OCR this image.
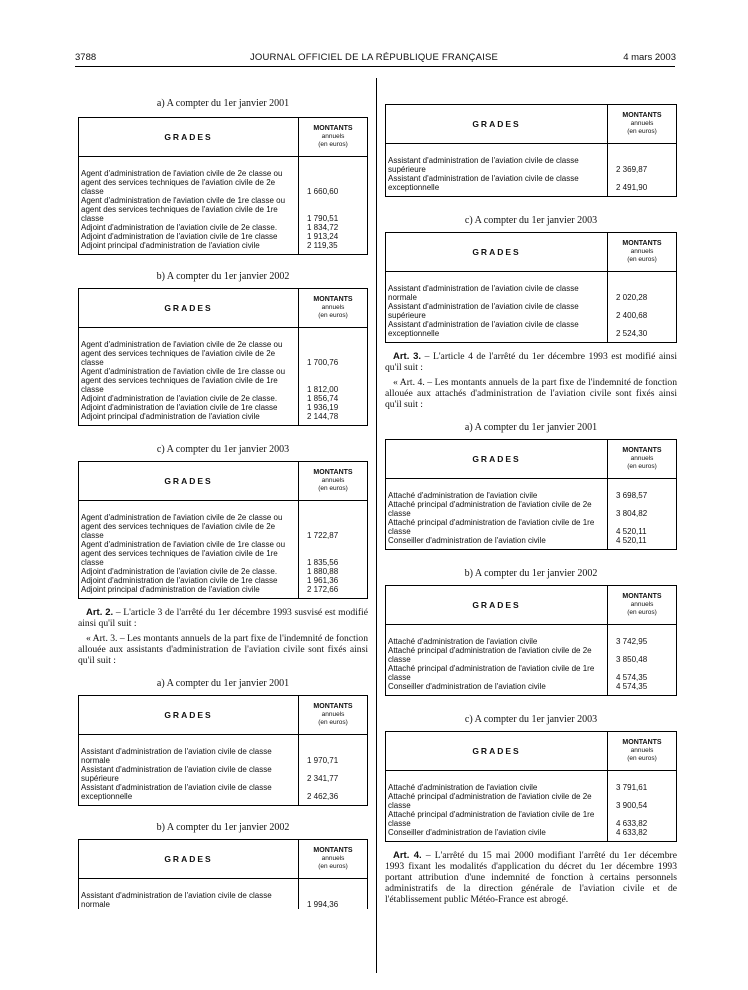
3788	JOURNAL OFFICIEL DE LA RÉPUBLIQUE FRANÇAISE	4 mars 2003
a) A compter du 1er janvier 2001
GRADES	MONTANTS
annuels
(en euros)

Agent d'administration de l'aviation civile de 2e classe ou agent des services techniques de l'aviation civile de 2e classe	1 660,60
Agent d'administration de l'aviation civile de 1re classe ou agent des services techniques de l'aviation civile de 1re classe	1 790,51
Adjoint d'administration de l'aviation civile de 2e classe.	1 834,72
Adjoint d'administration de l'aviation civile de 1re classe	1 913,24
Adjoint principal d'administration de l'aviation civile	2 119,35
b) A compter du 1er janvier 2002
GRADES	MONTANTS
annuels
(en euros)

Agent d'administration de l'aviation civile de 2e classe ou agent des services techniques de l'aviation civile de 2e classe	1 700,76
Agent d'administration de l'aviation civile de 1re classe ou agent des services techniques de l'aviation civile de 1re classe	1 812,00
Adjoint d'administration de l'aviation civile de 2e classe.	1 856,74
Adjoint d'administration de l'aviation civile de 1re classe	1 936,19
Adjoint principal d'administration de l'aviation civile	2 144,78
c) A compter du 1er janvier 2003
GRADES	MONTANTS
annuels
(en euros)

Agent d'administration de l'aviation civile de 2e classe ou agent des services techniques de l'aviation civile de 2e classe	1 722,87
Agent d'administration de l'aviation civile de 1re classe ou agent des services techniques de l'aviation civile de 1re classe	1 835,56
Adjoint d'administration de l'aviation civile de 2e classe.	1 880,88
Adjoint d'administration de l'aviation civile de 1re classe	1 961,36
Adjoint principal d'administration de l'aviation civile	2 172,66
Art. 2. – L'article 3 de l'arrêté du 1er décembre 1993 susvisé est modifié ainsi qu'il suit :
« Art. 3. – Les montants annuels de la part fixe de l'indemnité de fonction allouée aux assistants d'administration de l'aviation civile sont fixés ainsi qu'il suit :
a) A compter du 1er janvier 2001
GRADES	MONTANTS
annuels
(en euros)

Assistant d'administration de l'aviation civile de classe normale	1 970,71
Assistant d'administration de l'aviation civile de classe supérieure	2 341,77
Assistant d'administration de l'aviation civile de classe exceptionnelle	2 462,36
b) A compter du 1er janvier 2002
GRADES	MONTANTS
annuels
(en euros)

Assistant d'administration de l'aviation civile de classe normale	1 994,36
GRADES	MONTANTS
annuels
(en euros)

Assistant d'administration de l'aviation civile de classe supérieure	2 369,87
Assistant d'administration de l'aviation civile de classe exceptionnelle	2 491,90
c) A compter du 1er janvier 2003
GRADES	MONTANTS
annuels
(en euros)

Assistant d'administration de l'aviation civile de classe normale	2 020,28
Assistant d'administration de l'aviation civile de classe supérieure	2 400,68
Assistant d'administration de l'aviation civile de classe exceptionnelle	2 524,30
Art. 3. – L'article 4 de l'arrêté du 1er décembre 1993 est modifié ainsi qu'il suit :
« Art. 4. – Les montants annuels de la part fixe de l'indemnité de fonction allouée aux attachés d'administration de l'aviation civile sont fixés ainsi qu'il suit :
a) A compter du 1er janvier 2001
GRADES	MONTANTS
annuels
(en euros)

Attaché d'administration de l'aviation civile	3 698,57
Attaché principal d'administration de l'aviation civile de 2e classe	3 804,82
Attaché principal d'administration de l'aviation civile de 1re classe	4 520,11
Conseiller d'administration de l'aviation civile	4 520,11
b) A compter du 1er janvier 2002
GRADES	MONTANTS
annuels
(en euros)

Attaché d'administration de l'aviation civile	3 742,95
Attaché principal d'administration de l'aviation civile de 2e classe	3 850,48
Attaché principal d'administration de l'aviation civile de 1re classe	4 574,35
Conseiller d'administration de l'aviation civile	4 574,35
c) A compter du 1er janvier 2003
GRADES	MONTANTS
annuels
(en euros)

Attaché d'administration de l'aviation civile	3 791,61
Attaché principal d'administration de l'aviation civile de 2e classe	3 900,54
Attaché principal d'administration de l'aviation civile de 1re classe	4 633,82
Conseiller d'administration de l'aviation civile	4 633,82
Art. 4. – L'arrêté du 15 mai 2000 modifiant l'arrêté du 1er décembre 1993 fixant les modalités d'application du décret du 1er décembre 1993 portant attribution d'une indemnité de fonction à certains personnels administratifs de la direction générale de l'aviation civile et de l'établissement public Météo-France est abrogé.
